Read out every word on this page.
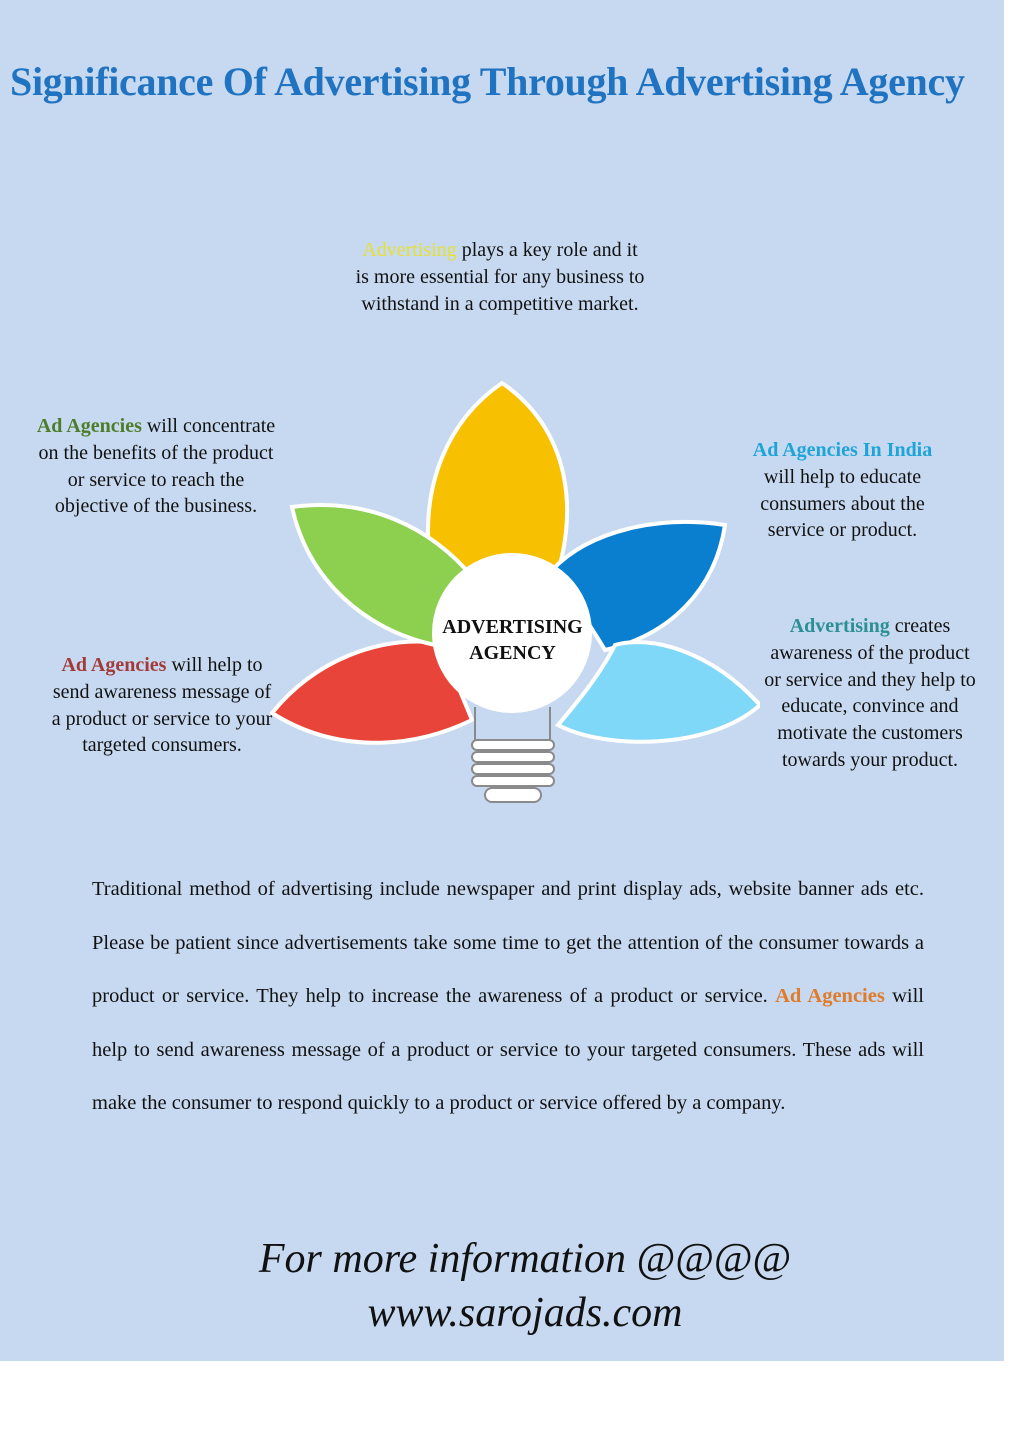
Significance Of Advertising Through Advertising Agency
Advertising plays a key role and it is more essential for any business to withstand in a competitive market.
Ad Agencies will concentrate on the benefits of the product or service to reach the objective of the business.
Ad Agencies will help to send awareness message of a product or service to your targeted consumers.
Ad Agencies In India
will help to educate consumers about the service or product.
Advertising creates awareness of the product or service and they help to educate, convince and motivate the customers towards your product.
ADVERTISING
AGENCY
Traditional method of advertising include newspaper and print display ads, website banner ads etc. Please be patient since advertisements take some time to get the attention of the consumer towards a product or service. They help to increase the awareness of a product or service. Ad Agencies will help to send awareness message of a product or service to your targeted consumers. These ads will make the consumer to respond quickly to a product or service offered by a company.
For more information @@@@
www.sarojads.com
